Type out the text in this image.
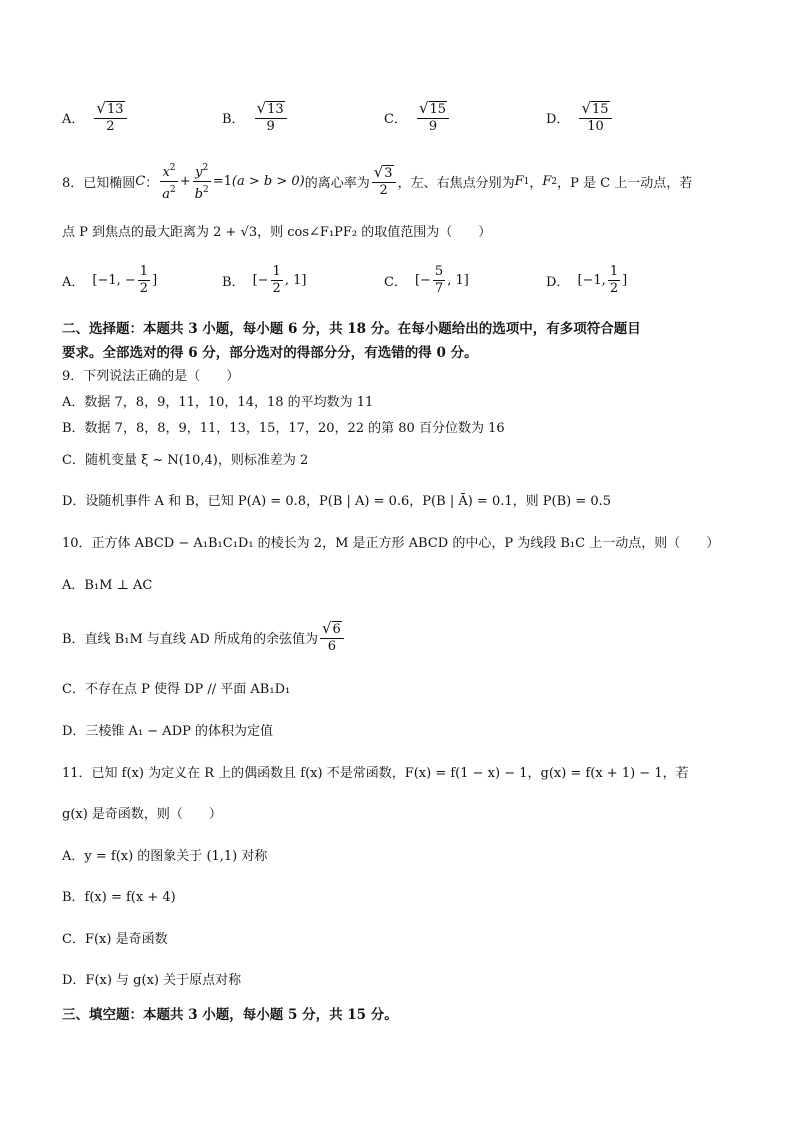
A． $\frac{√13}{2}$	B． $\frac{√13}{9}$	C． $\frac{√15}{9}$	D． $\frac{√15}{10}$
8．已知椭圆 C ： $\frac{x^2}{a^2} + \frac{y^2}{b^2} =1$ (a > b > 0) 的离心率为 $\frac{√3}{2}$ ，左、右焦点分别为 F 1 ， F 2 ，P 是 C 上一动点，若
点 P 到焦点的最大距离为 2 + √3，则 cos∠F₁PF₂ 的取值范围为（　　）
A． [−1, − $\frac{1}{2}$ ]	B． [− $\frac{1}{2}$ , 1]	C． [− $\frac{5}{7}$ , 1]	D． [−1, $\frac{1}{2}$ ]
二、选择题：本题共 3 小题，每小题 6 分，共 18 分。在每小题给出的选项中，有多项符合题目
要求。全部选对的得 6 分，部分选对的得部分分，有选错的得 0 分。
9．下列说法正确的是（　　）
A．数据 7，8，9，11，10，14，18 的平均数为 11
B．数据 7，8，8，9，11，13，15，17，20，22 的第 80 百分位数为 16
C．随机变量 ξ ~ N(10,4)，则标准差为 2
D．设随机事件 A 和 B，已知 P(A) = 0.8，P(B | A) = 0.6，P(B | Ā) = 0.1，则 P(B) = 0.5
10．正方体 ABCD − A₁B₁C₁D₁ 的棱长为 2，M 是正方形 ABCD 的中心，P 为线段 B₁C 上一动点，则（　　）
A．B₁M ⊥ AC
B．直线 B₁M 与直线 AD 所成角的余弦值为 $\frac{√6}{6}$
C．不存在点 P 使得 DP // 平面 AB₁D₁
D．三棱锥 A₁ − ADP 的体积为定值
11．已知 f(x) 为定义在 R 上的偶函数且 f(x) 不是常函数，F(x) = f(1 − x) − 1，g(x) = f(x + 1) − 1，若
g(x) 是奇函数，则（　　）
A．y = f(x) 的图象关于 (1,1) 对称
B．f(x) = f(x + 4)
C．F(x) 是奇函数
D．F(x) 与 g(x) 关于原点对称
三、填空题：本题共 3 小题，每小题 5 分，共 15 分。
